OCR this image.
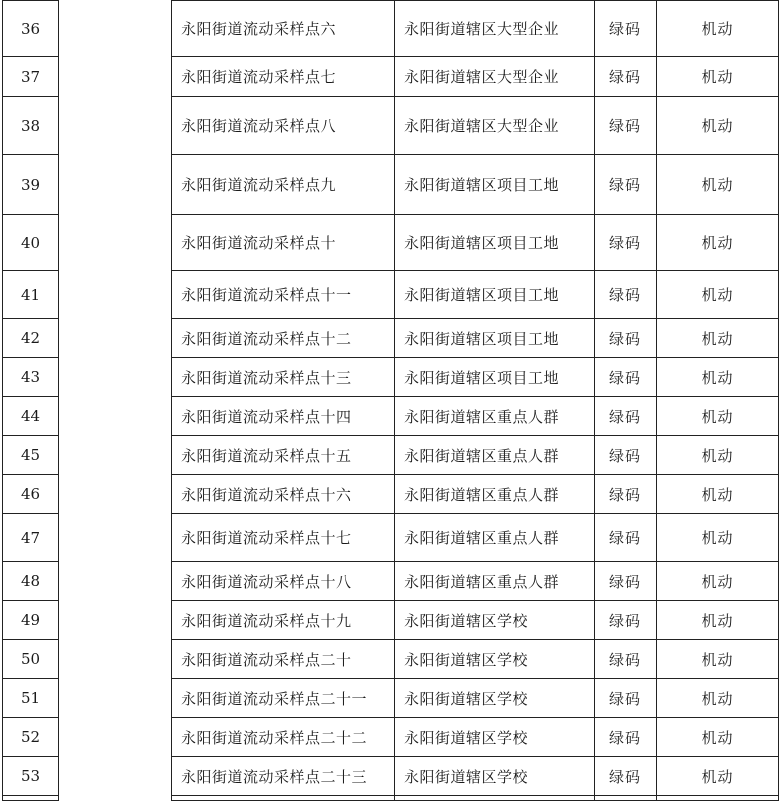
36		永阳街道流动采样点六	永阳街道辖区大型企业	绿码	机动
37		永阳街道流动采样点七	永阳街道辖区大型企业	绿码	机动
38		永阳街道流动采样点八	永阳街道辖区大型企业	绿码	机动
39		永阳街道流动采样点九	永阳街道辖区项目工地	绿码	机动
40		永阳街道流动采样点十	永阳街道辖区项目工地	绿码	机动
41		永阳街道流动采样点十一	永阳街道辖区项目工地	绿码	机动
42		永阳街道流动采样点十二	永阳街道辖区项目工地	绿码	机动
43		永阳街道流动采样点十三	永阳街道辖区项目工地	绿码	机动
44		永阳街道流动采样点十四	永阳街道辖区重点人群	绿码	机动
45		永阳街道流动采样点十五	永阳街道辖区重点人群	绿码	机动
46		永阳街道流动采样点十六	永阳街道辖区重点人群	绿码	机动
47		永阳街道流动采样点十七	永阳街道辖区重点人群	绿码	机动
48		永阳街道流动采样点十八	永阳街道辖区重点人群	绿码	机动
49		永阳街道流动采样点十九	永阳街道辖区学校	绿码	机动
50		永阳街道流动采样点二十	永阳街道辖区学校	绿码	机动
51		永阳街道流动采样点二十一	永阳街道辖区学校	绿码	机动
52		永阳街道流动采样点二十二	永阳街道辖区学校	绿码	机动
53		永阳街道流动采样点二十三	永阳街道辖区学校	绿码	机动
